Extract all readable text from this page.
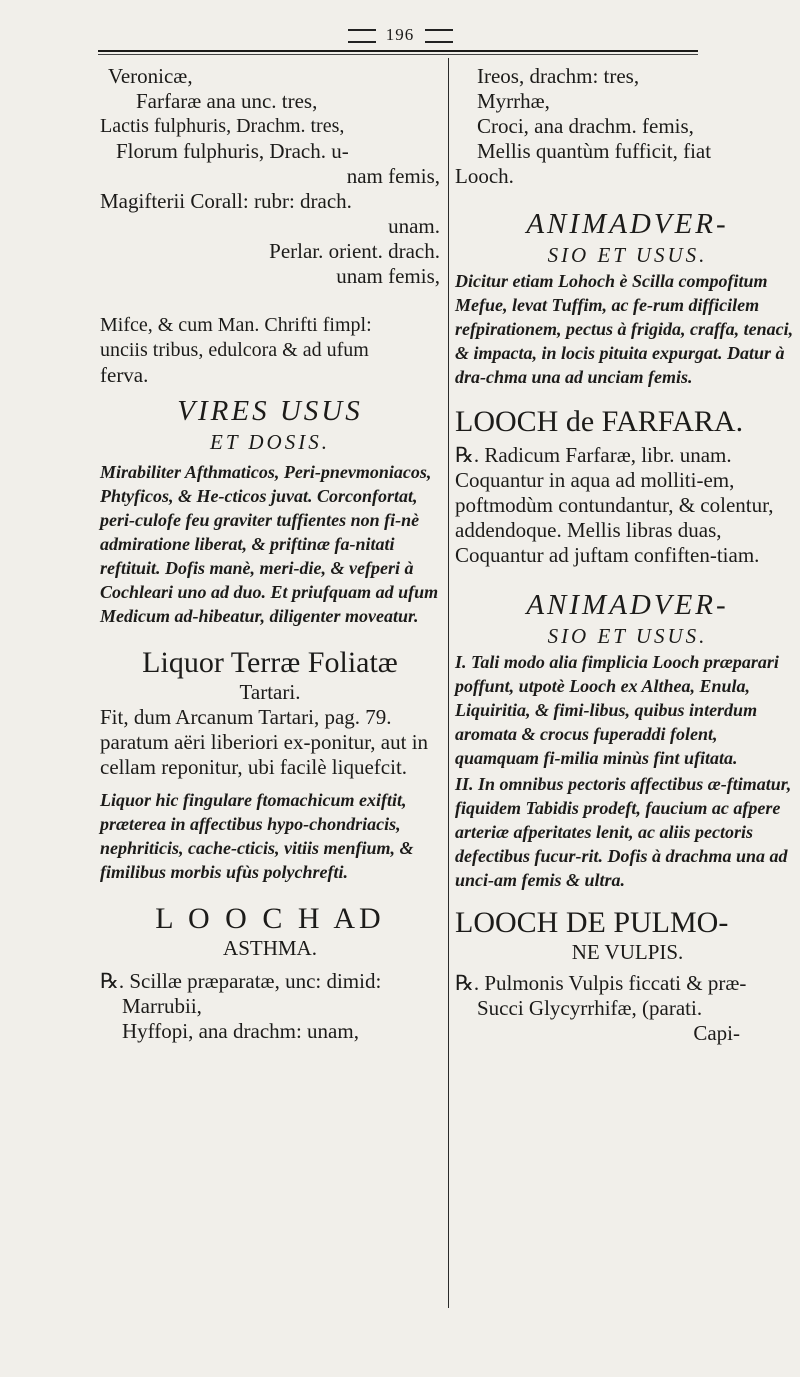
196

Veronicæ,

Farfaræ ana unc. tres,

Lactis fulphuris, Drachm. tres,

Florum fulphuris, Drach. u-

nam femis,

Magifterii Corall: rubr: drach.

unam.

Perlar. orient. drach.

unam femis,

Mifce, & cum Man. Chrifti fimpl:

unciis tribus, edulcora & ad ufum

ferva.

VIRES USUS

ET DOSIS.

Mirabiliter Afthmaticos, Peri-pnevmoniacos, Phtyficos, & He-cticos juvat. Corconfortat, peri-culofe feu graviter tuffientes non fi-nè admiratione liberat, & priftinæ fa-nitati reftituit. Dofis manè, meri-die, & vefperi à Cochleari uno ad duo. Et priufquam ad ufum Medicum ad-hibeatur, diligenter moveatur.

Liquor Terræ Foliatæ

Tartari.

Fit, dum Arcanum Tartari, pag. 79. paratum aëri liberiori ex-ponitur, aut in cellam reponitur, ubi facilè liquefcit.

Liquor hic fingulare ftomachicum exiftit, præterea in affectibus hypo-chondriacis, nephriticis, cache-cticis, vitiis menfium, & fimilibus morbis ufùs polychrefti.

L O O C H AD

ASTHMA.

℞. Scillæ præparatæ, unc: dimid:

Marrubii,

Hyffopi, ana drachm: unam,

Ireos, drachm: tres,

Myrrhæ,

Croci, ana drachm. femis,

Mellis quantùm fufficit, fiat

Looch.

ANIMADVER-

SIO ET USUS.

Dicitur etiam Lohoch è Scilla compofitum Mefue, levat Tuffim, ac fe-rum difficilem refpirationem, pectus à frigida, craffa, tenaci, & impacta, in locis pituita expurgat. Datur à dra-chma una ad unciam femis.

LOOCH de FARFARA.

℞. Radicum Farfaræ, libr. unam. Coquantur in aqua ad molliti-em, poftmodùm contundantur, & colentur, addendoque. Mellis libras duas, Coquantur ad juftam confiften-tiam.

ANIMADVER-

SIO ET USUS.

I. Tali modo alia fimplicia Looch præparari poffunt, utpotè Looch ex Althea, Enula, Liquiritia, & fimi-libus, quibus interdum aromata & crocus fuperaddi folent, quamquam fi-milia minùs fint ufitata.

II. In omnibus pectoris affectibus æ-ftimatur, fiquidem Tabidis prodeft, faucium ac afpere arteriæ afperitates lenit, ac aliis pectoris defectibus fucur-rit. Dofis à drachma una ad unci-am femis & ultra.

LOOCH DE PULMO-

NE VULPIS.

℞. Pulmonis Vulpis ficcati & præ-

Succi Glycyrrhifæ, (parati.

Capi-
